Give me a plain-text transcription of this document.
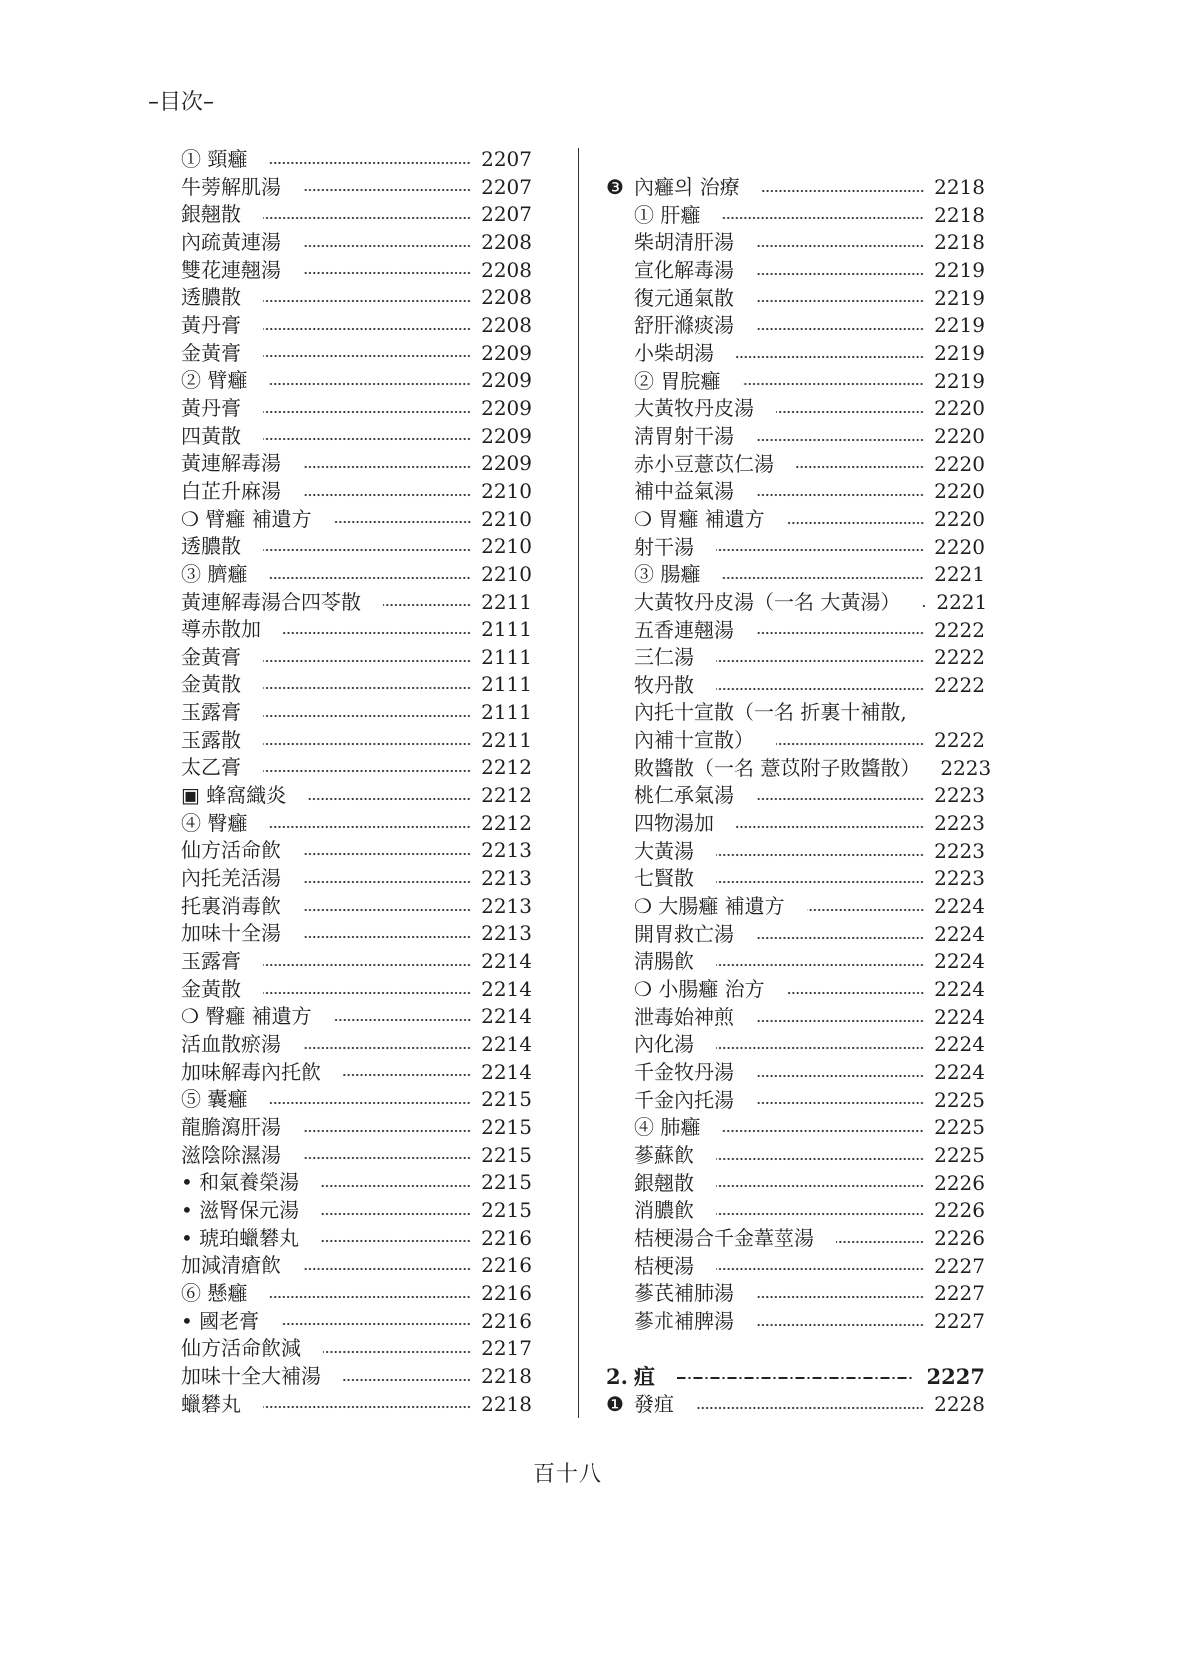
–目次–
① 頸癰	2207
牛蒡解肌湯	2207
銀翹散	2207
內疏黃連湯	2208
雙花連翹湯	2208
透膿散	2208
黃丹膏	2208
金黃膏	2209
② 臂癰	2209
黃丹膏	2209
四黃散	2209
黃連解毒湯	2209
白芷升麻湯	2210
❍ 臂癰 補遺方	2210
透膿散	2210
③ 臍癰	2210
黃連解毒湯合四苓散	2211
導赤散加	2111
金黃膏	2111
金黃散	2111
玉露膏	2111
玉露散	2211
太乙膏	2212
▣ 蜂窩織炎	2212
④ 臀癰	2212
仙方活命飮	2213
內托羌活湯	2213
托裏消毒飮	2213
加味十全湯	2213
玉露膏	2214
金黃散	2214
❍ 臀癰 補遺方	2214
活血散瘀湯	2214
加味解毒內托飮	2214
⑤ 囊癰	2215
龍膽瀉肝湯	2215
滋陰除濕湯	2215
• 和氣養榮湯	2215
• 滋腎保元湯	2215
• 琥珀蠟礬丸	2216
加減清瘡飮	2216
⑥ 懸癰	2216
• 國老膏	2216
仙方活命飮減	2217
加味十全大補湯	2218
蠟礬丸	2218
❸ 內癰의 治療	2218
① 肝癰	2218
柴胡清肝湯	2218
宣化解毒湯	2219
復元通氣散	2219
舒肝滌痰湯	2219
小柴胡湯	2219
② 胃脘癰	2219
大黃牧丹皮湯	2220
淸胃射干湯	2220
赤小豆薏苡仁湯	2220
補中益氣湯	2220
❍ 胃癰 補遺方	2220
射干湯	2220
③ 腸癰	2221
大黃牧丹皮湯（一名 大黃湯） 2221
五香連翹湯	2222
三仁湯	2222
牧丹散	2222
內托十宣散（一名 折裏十補散,
內補十宣散）	2222
敗醬散（一名 薏苡附子敗醬散） 2223
桃仁承氣湯	2223
四物湯加	2223
大黃湯	2223
七賢散	2223
❍ 大腸癰 補遺方	2224
開胃救亡湯	2224
淸腸飮	2224
❍ 小腸癰 治方	2224
泄毒始神煎	2224
內化湯	2224
千金牧丹湯	2224
千金內托湯	2225
④ 肺癰	2225
蔘蘇飮	2225
銀翹散	2226
消膿飮	2226
桔梗湯合千金葦莖湯	2226
桔梗湯	2227
蔘芪補肺湯	2227
蔘朮補脾湯	2227
2. 疽	2227
❶ 發疽	2228
百十八
